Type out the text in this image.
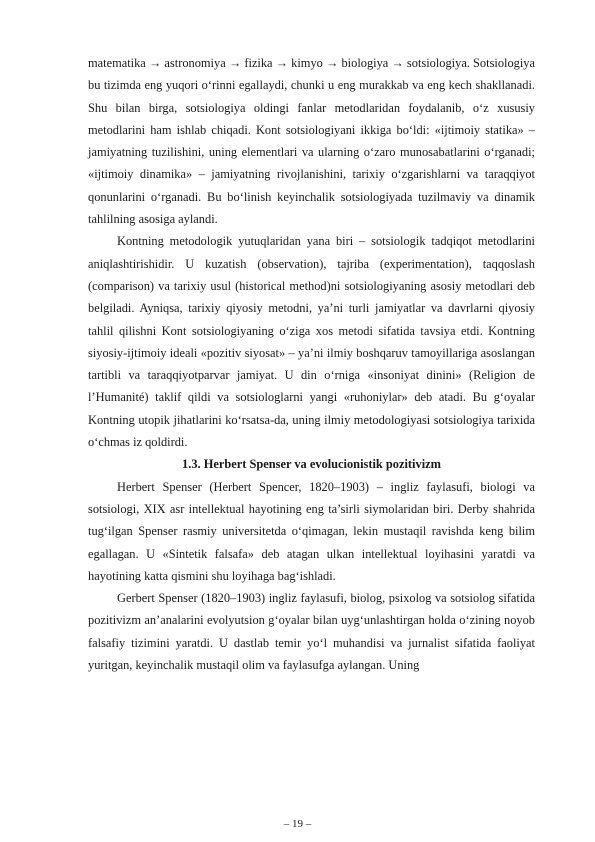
matematika → astronomiya → fizika → kimyo → biologiya → sotsiologiya. Sotsiologiya bu tizimda eng yuqori o‘rinni egallaydi, chunki u eng murakkab va eng kech shakllanadi. Shu bilan birga, sotsiologiya oldingi fanlar metodlaridan foydalanib, o‘z xususiy metodlarini ham ishlab chiqadi. Kont sotsiologiyani ikkiga bo‘ldi: «ijtimoiy statika» – jamiyatning tuzilishini, uning elementlari va ularning o‘zaro munosabatlarini o‘rganadi; «ijtimoiy dinamika» – jamiyatning rivojlanishini, tarixiy o‘zgarishlarni va taraqqiyot qonunlarini o‘rganadi. Bu bo‘linish keyinchalik sotsiologiyada tuzilmaviy va dinamik tahlilning asosiga aylandi.

Kontning metodologik yutuqlaridan yana biri – sotsiologik tadqiqot metodlarini aniqlashtirishidir. U kuzatish (observation), tajriba (experimentation), taqqoslash (comparison) va tarixiy usul (historical method)ni sotsiologiyaning asosiy metodlari deb belgiladi. Ayniqsa, tarixiy qiyosiy metodni, ya’ni turli jamiyatlar va davrlarni qiyosiy tahlil qilishni Kont sotsiologiyaning o‘ziga xos metodi sifatida tavsiya etdi. Kontning siyosiy-ijtimoiy ideali «pozitiv siyosat» – ya’ni ilmiy boshqaruv tamoyillariga asoslangan tartibli va taraqqiyotparvar jamiyat. U din o‘rniga «insoniyat dinini» (Religion de l’Humanité) taklif qildi va sotsiologlarni yangi «ruhoniylar» deb atadi. Bu g‘oyalar Kontning utopik jihatlarini ko‘rsatsa-da, uning ilmiy metodologiyasi sotsiologiya tarixida o‘chmas iz qoldirdi.

1.3. Herbert Spenser va evolucionistik pozitivizm

Herbert Spenser (Herbert Spencer, 1820–1903) – ingliz faylasufi, biologi va sotsiologi, XIX asr intellektual hayotining eng ta’sirli siymolaridan biri. Derby shahrida tug‘ilgan Spenser rasmiy universitetda o‘qimagan, lekin mustaqil ravishda keng bilim egallagan. U «Sintetik falsafa» deb atagan ulkan intellektual loyihasini yaratdi va hayotining katta qismini shu loyihaga bag‘ishladi.

Gerbert Spenser (1820–1903) ingliz faylasufi, biolog, psixolog va sotsiolog sifatida pozitivizm an’analarini evolyutsion g‘oyalar bilan uyg‘unlashtirgan holda o‘zining noyob falsafiy tizimini yaratdi. U dastlab temir yo‘l muhandisi va jurnalist sifatida faoliyat yuritgan, keyinchalik mustaqil olim va faylasufga aylangan. Uning

– 19 –
